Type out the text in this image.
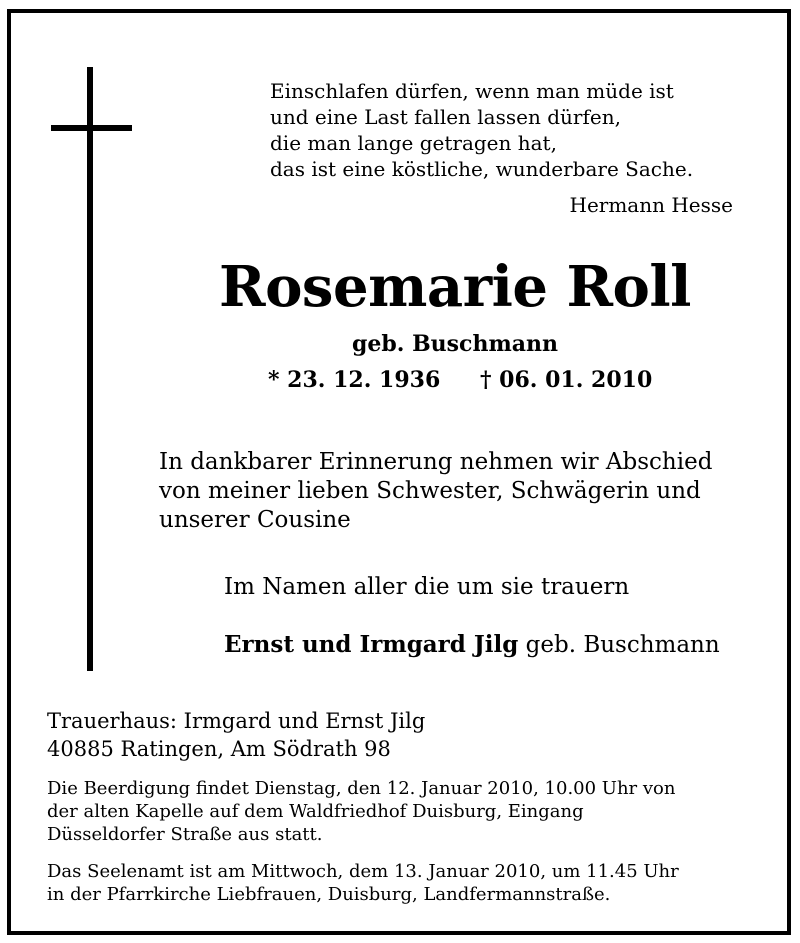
Einschlafen dürfen, wenn man müde ist
und eine Last fallen lassen dürfen,
die man lange getragen hat,
das ist eine köstliche, wunderbare Sache.
Hermann Hesse
Rosemarie Roll
geb. Buschmann
* 23. 12. 1936 † 06. 01. 2010
In dankbarer Erinnerung nehmen wir Abschied
von meiner lieben Schwester, Schwägerin und
unserer Cousine
Im Namen aller die um sie trauern
Ernst und Irmgard Jilg geb. Buschmann
Trauerhaus: Irmgard und Ernst Jilg
40885 Ratingen, Am Södrath 98
Die Beerdigung findet Dienstag, den 12. Januar 2010, 10.00 Uhr von
der alten Kapelle auf dem Waldfriedhof Duisburg, Eingang
Düsseldorfer Straße aus statt.
Das Seelenamt ist am Mittwoch, dem 13. Januar 2010, um 11.45 Uhr
in der Pfarrkirche Liebfrauen, Duisburg, Landfermannstraße.
